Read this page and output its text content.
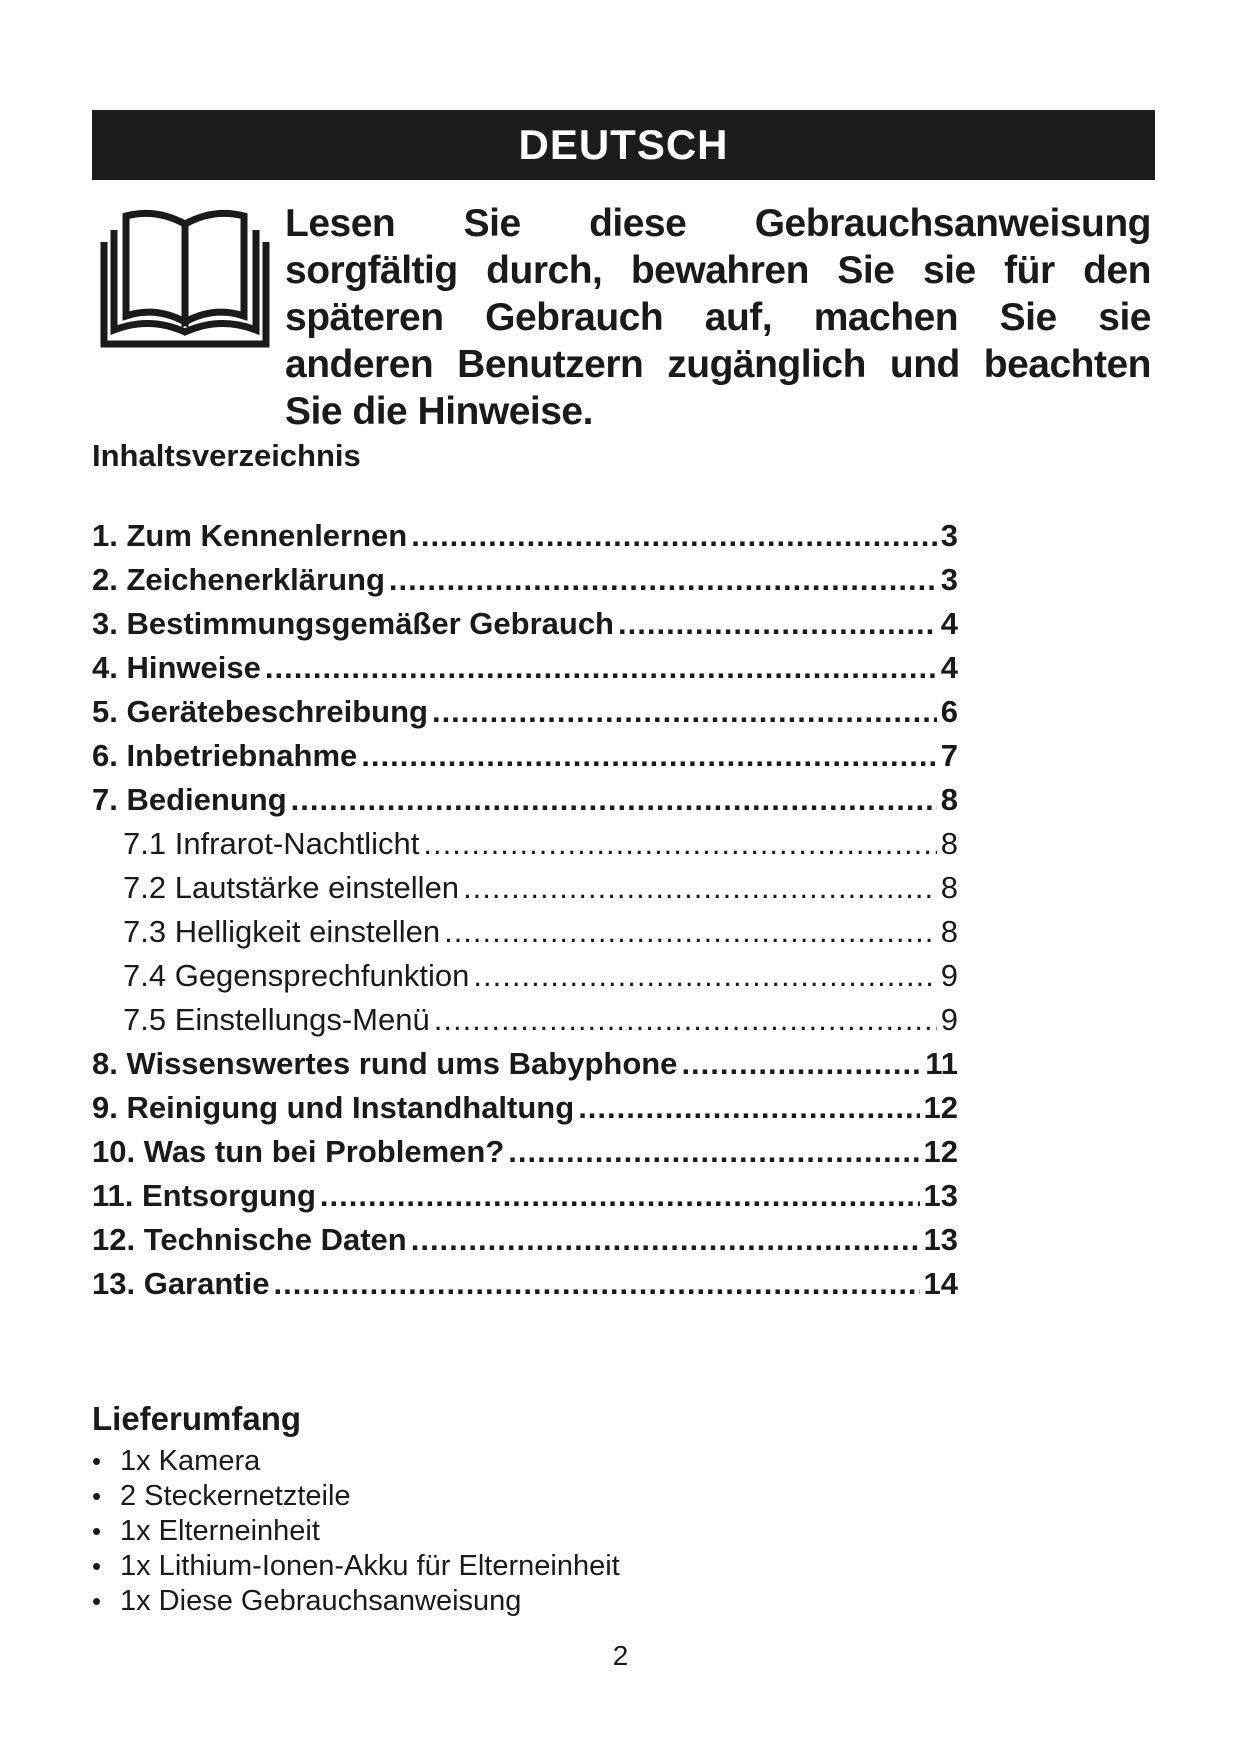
DEUTSCH
Lesen Sie diese Gebrauchsanweisung sorgfältig durch, bewahren Sie sie für den späteren Gebrauch auf, machen Sie sie anderen Benutzern zugänglich und beachten Sie die Hinweise.
Inhaltsverzeichnis
1. Zum Kennenlernen .....	3
2. Zeichenerklärung .....	3
3. Bestimmungsgemäßer Gebrauch .....	4
4. Hinweise .....	4
5. Gerätebeschreibung .....	6
6. Inbetriebnahme .....	7
7. Bedienung .....	8
7.1 Infrarot-Nachtlicht .....	8
7.2 Lautstärke einstellen .....	8
7.3 Helligkeit einstellen .....	8
7.4 Gegensprechfunktion .....	9
7.5 Einstellungs-Menü .....	9
8. Wissenswertes rund ums Babyphone .....	11
9. Reinigung und Instandhaltung .....	12
10. Was tun bei Problemen? .....	12
11. Entsorgung .....	13
12. Technische Daten .....	13
13. Garantie .....	14
Lieferumfang
• 1x Kamera
• 2 Steckernetzteile
• 1x Elterneinheit
• 1x Lithium-Ionen-Akku für Elterneinheit
• 1x Diese Gebrauchsanweisung
2
